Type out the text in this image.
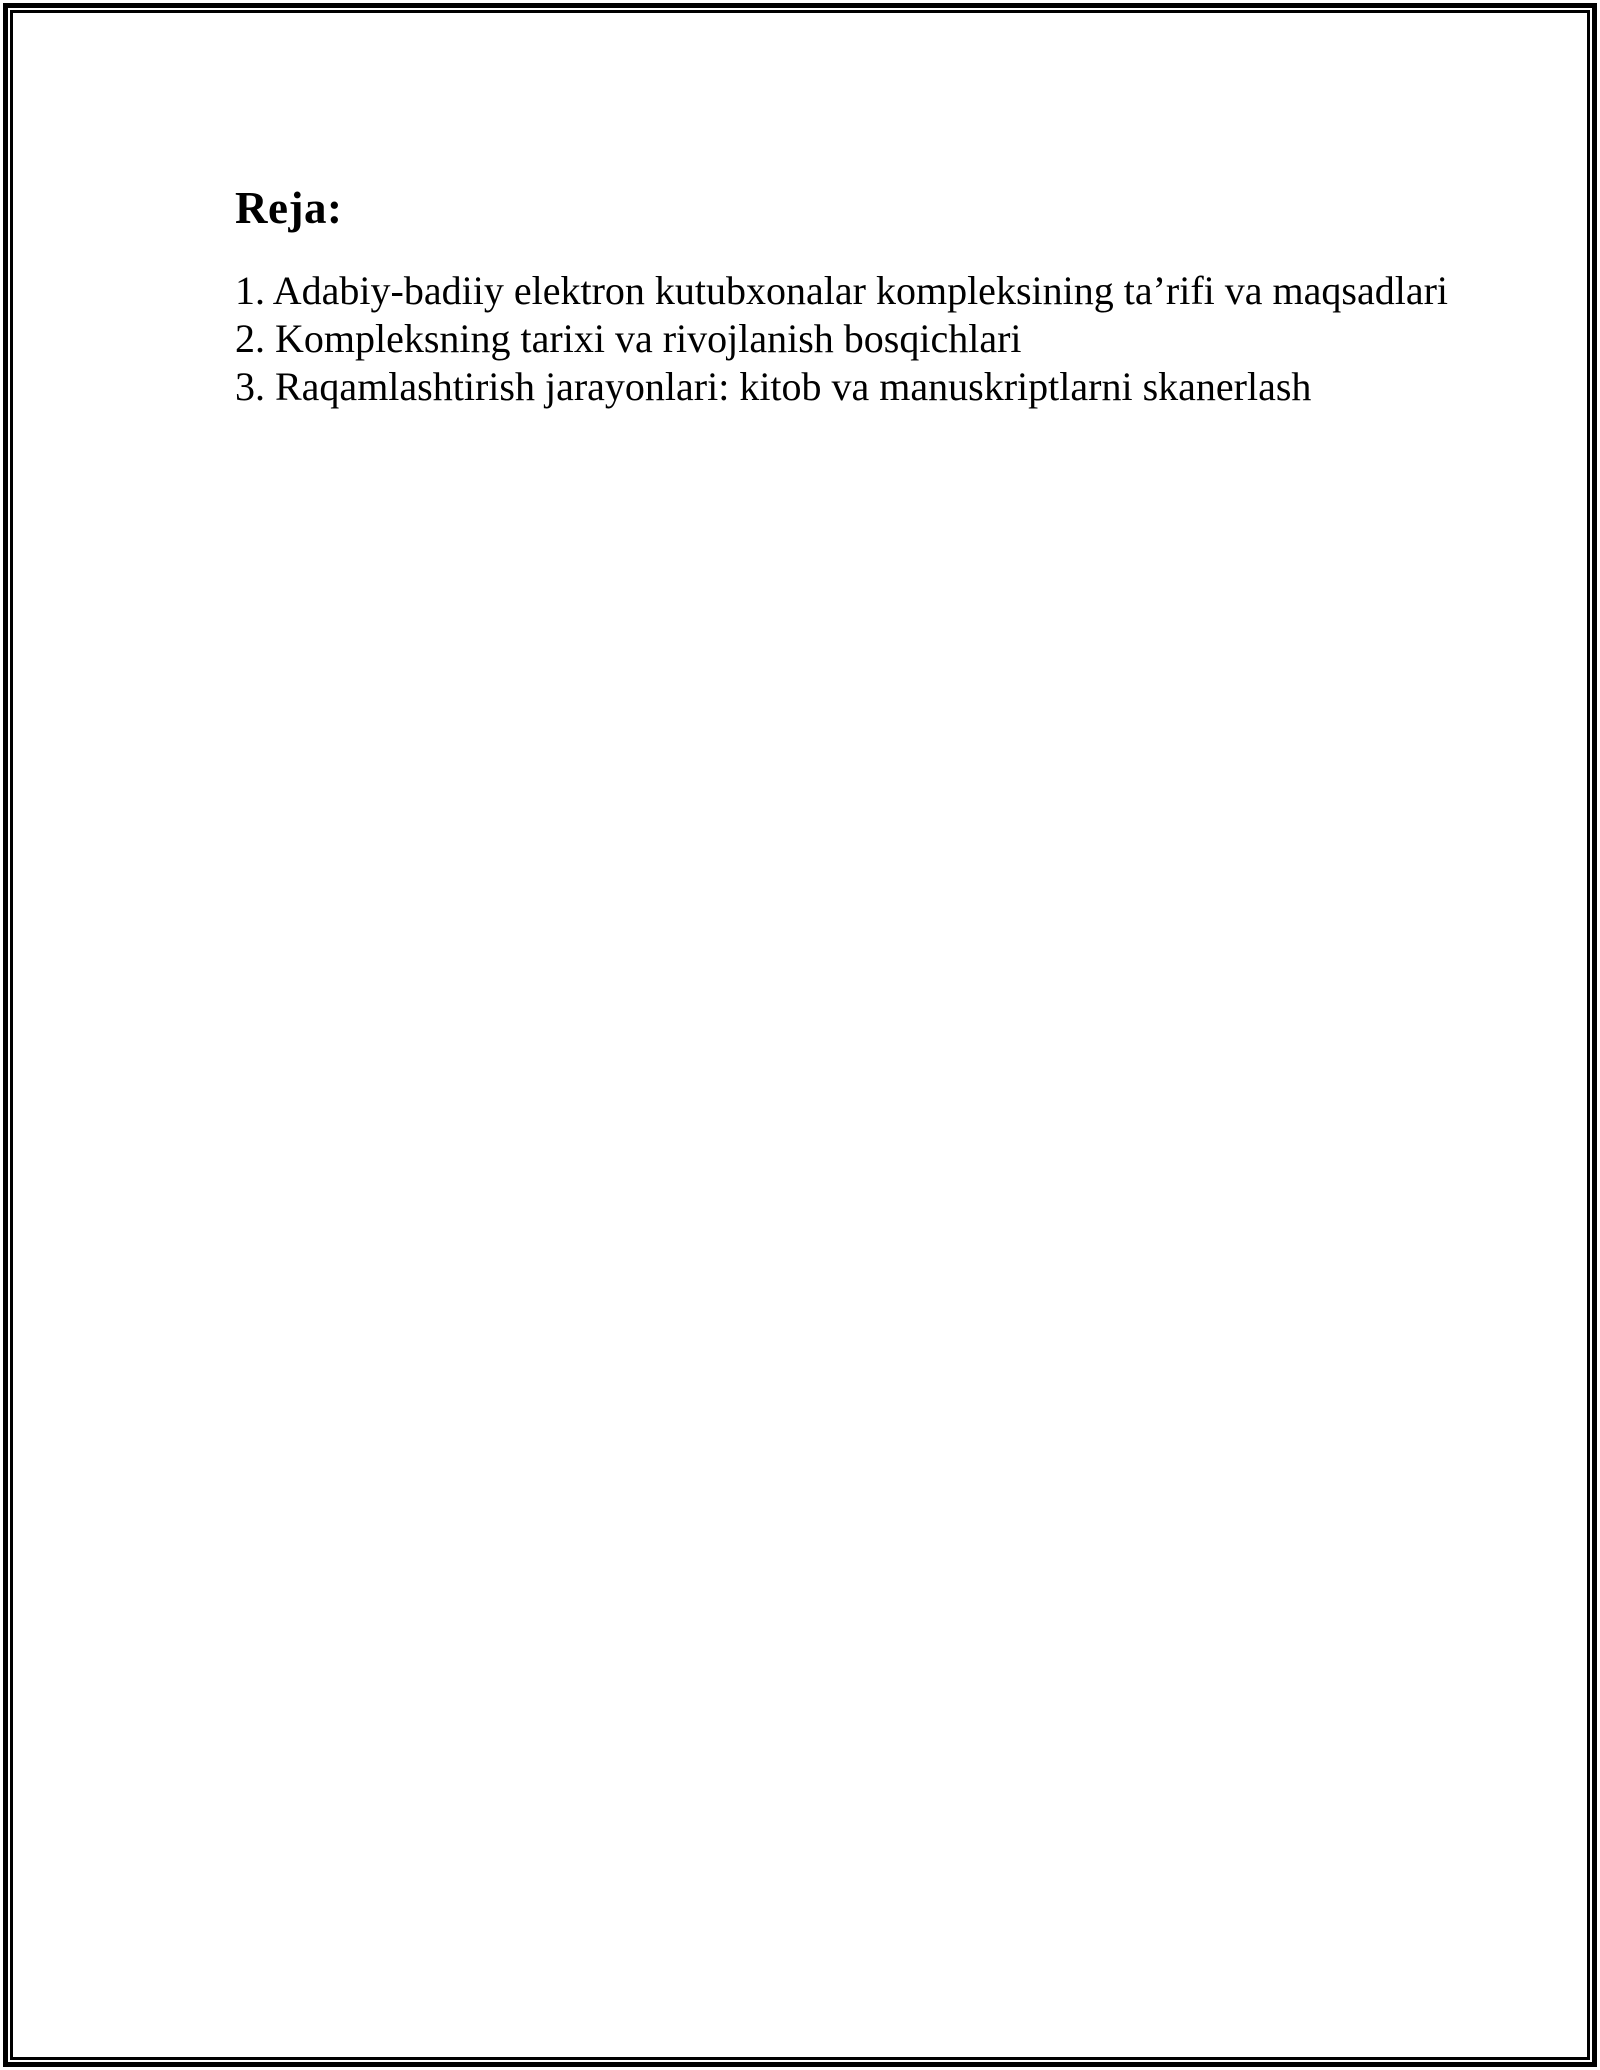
Reja:
1. Adabiy-badiiy elektron kutubxonalar kompleksining ta’rifi va maqsadlari
2. Kompleksning tarixi va rivojlanish bosqichlari
3. Raqamlashtirish jarayonlari: kitob va manuskriptlarni skanerlash
